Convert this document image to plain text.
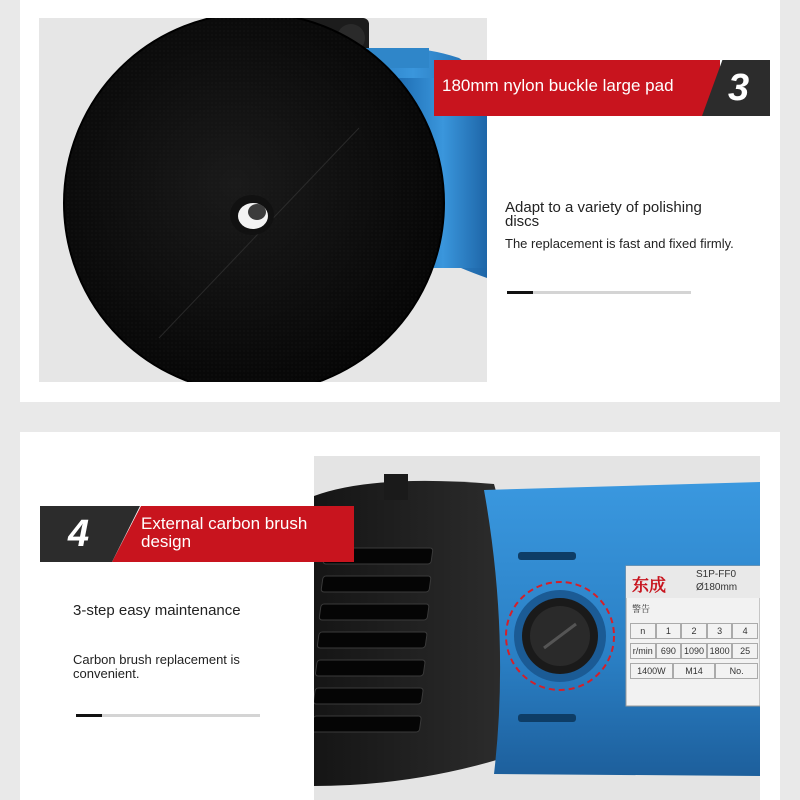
180mm nylon buckle large pad 3
Adapt to a variety of polishing discs
The replacement is fast and fixed firmly.
东成
S1P-FF0
Ø180mm
警告
n	1	2	3	4
r/min 690 1090 1800	25
1400W	M14	No.
4	External carbon brush design
3-step easy maintenance
Carbon brush replacement is convenient.
